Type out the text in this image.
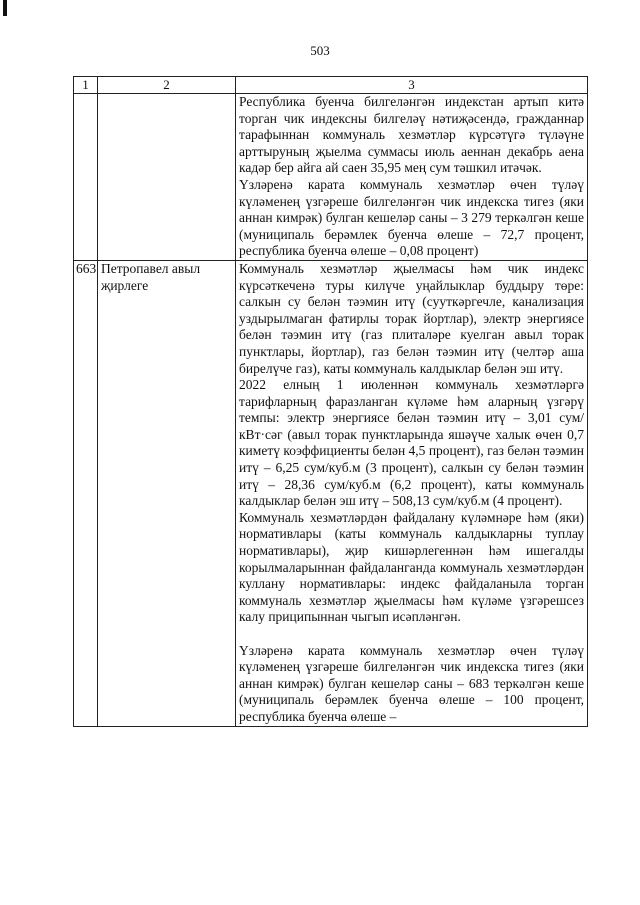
503
1	2	3

		Республика буенча билгеләнгән индекстан артып китә торган чик индексны билгеләү нәтиҗәсендә, гражданнар тарафыннан коммуналь хезмәтләр күрсәтүгә түләүне арттыруның җыелма суммасы июль аеннан декабрь аена кадәр бер айга ай саен 35,95 мең сум тәшкил итәчәк.

Үзләренә карата коммуналь хезмәтләр өчен түләү күләменең үзгәреше билгеләнгән чик индекска тигез (яки аннан кимрәк) булган кешеләр саны – 3 279 теркәлгән кеше (муниципаль берәмлек буенча өлеше – 72,7 процент, республика буенча өлеше – 0,08 процент)

663	Петропавел авыл җирлеге	Коммуналь хезмәтләр җыелмасы һәм чик индекс күрсәткеченә туры килүче уңайлыклар буддыру төре: салкын су белән тәэмин итү (сууткәргечле, канализация уздырылмаган фатирлы торак йортлар), электр энергиясе белән тәэмин итү (газ плиталәре куелган авыл торак пунктлары, йортлар), газ белән тәэмин итү (челтәр аша бирелүче газ), каты коммуналь калдыклар белән эш итү.

2022 елның 1 июленнән коммуналь хезмәтләргә тарифларның фаразланган күләме һәм аларның үзгәрү темпы: электр энергиясе белән тәэмин итү – 3,01 сум/кВт·сәг (авыл торак пунктларында яшәүче халык өчен 0,7 киметү коэффициенты белән 4,5 процент), газ белән тәэмин итү – 6,25 сум/куб.м (3 процент), салкын су белән тәэмин итү – 28,36 сум/куб.м (6,2 процент), каты коммуналь калдыклар белән эш итү – 508,13 сум/куб.м (4 процент).

Коммуналь хезмәтләрдән файдалану күләмнәре һәм (яки) нормативлары (каты коммуналь калдыкларны туплау нормативлары), җир кишәрлегеннән һәм ишегалды корылмаларыннан файдаланганда коммуналь хезмәтләрдән куллану нормативлары: индекс файдаланыла торган коммуналь хезмәтләр җыелмасы һәм күләме үзгәрешсез калу приципыннан чыгып исәпләнгән.

Үзләренә карата коммуналь хезмәтләр өчен түләү күләменең үзгәреше билгеләнгән чик индекска тигез (яки аннан кимрәк) булган кешеләр саны – 683 теркәлгән кеше (муниципаль берәмлек буенча өлеше – 100 процент, республика буенча өлеше –
